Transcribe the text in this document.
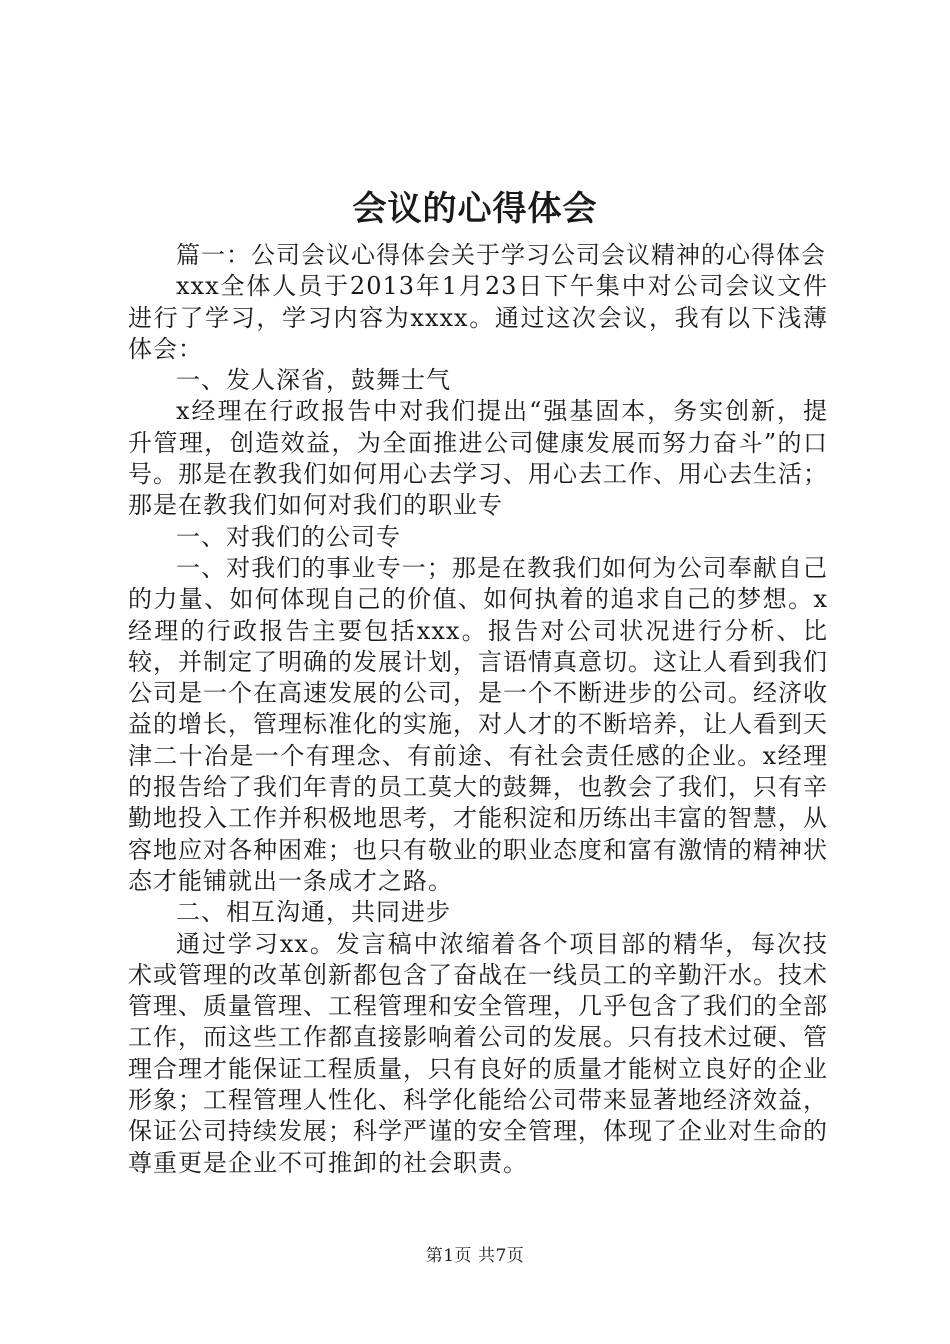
会议的心得体会

篇一：公司会议心得体会关于学习公司会议精神的心得体会

xxx全体人员于2013年1月23日下午集中对公司会议文件进行了学习，学习内容为xxxx。通过这次会议，我有以下浅薄体会：

一、发人深省，鼓舞士气

x经理在行政报告中对我们提出“强基固本，务实创新，提升管理，创造效益，为全面推进公司健康发展而努力奋斗”的口号。那是在教我们如何用心去学习、用心去工作、用心去生活；那是在教我们如何对我们的职业专

一、对我们的公司专

一、对我们的事业专一；那是在教我们如何为公司奉献自己的力量、如何体现自己的价值、如何执着的追求自己的梦想。x经理的行政报告主要包括xxx。报告对公司状况进行分析、比较，并制定了明确的发展计划，言语情真意切。这让人看到我们公司是一个在高速发展的公司，是一个不断进步的公司。经济收益的增长，管理标准化的实施，对人才的不断培养，让人看到天津二十冶是一个有理念、有前途、有社会责任感的企业。x经理的报告给了我们年青的员工莫大的鼓舞，也教会了我们，只有辛勤地投入工作并积极地思考，才能积淀和历练出丰富的智慧，从容地应对各种困难；也只有敬业的职业态度和富有激情的精神状态才能铺就出一条成才之路。

二、相互沟通，共同进步

通过学习xx。发言稿中浓缩着各个项目部的精华，每次技术或管理的改革创新都包含了奋战在一线员工的辛勤汗水。技术管理、质量管理、工程管理和安全管理，几乎包含了我们的全部工作，而这些工作都直接影响着公司的发展。只有技术过硬、管理合理才能保证工程质量，只有良好的质量才能树立良好的企业形象；工程管理人性化、科学化能给公司带来显著地经济效益，保证公司持续发展；科学严谨的安全管理，体现了企业对生命的尊重更是企业不可推卸的社会职责。

第1页 共7页
